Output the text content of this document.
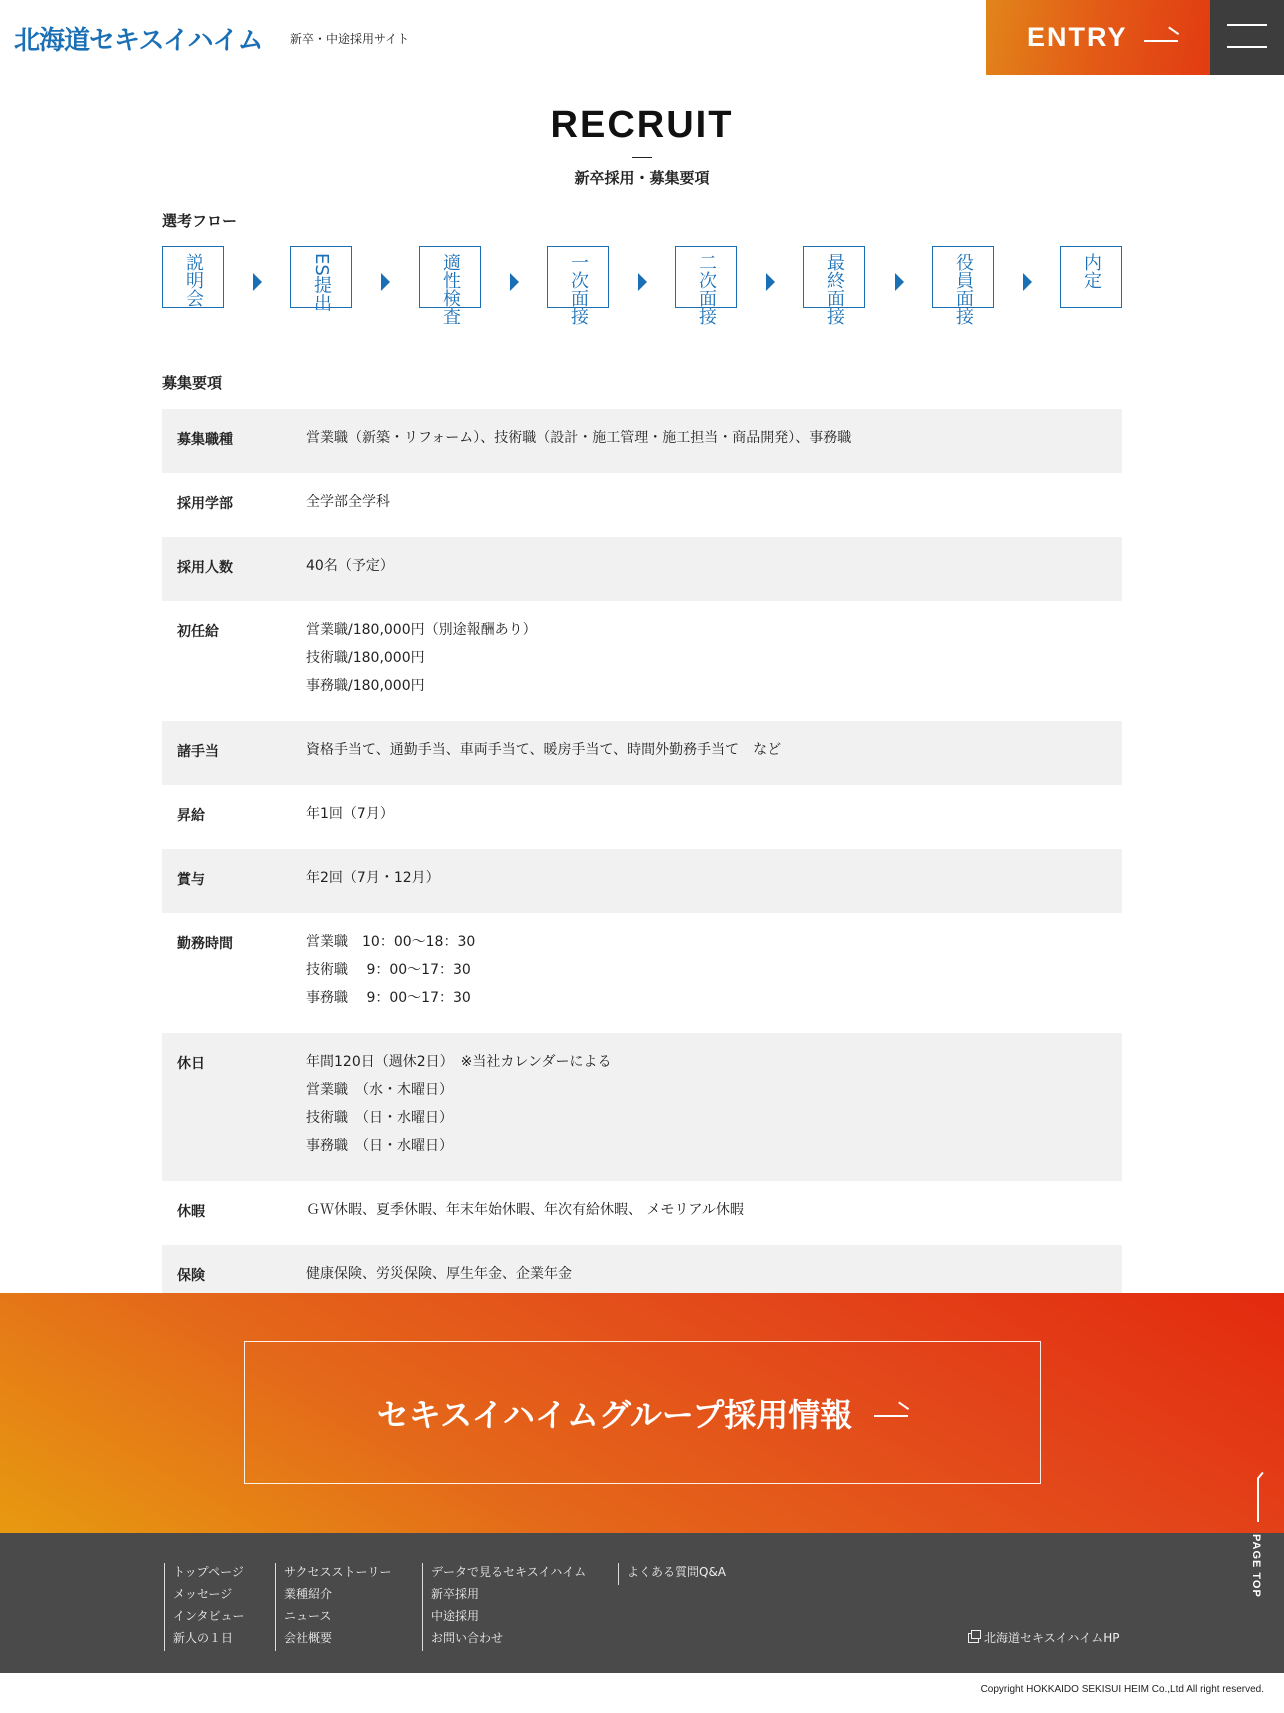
北海道セキスイハイム 新卒・中途採用サイト	ENTRY
RECRUIT
新卒採用・募集要項
選考フロー
説明会	ES提出	適性検査	一次面接	二次面接	最終面接	役員面接	内定
募集要項
募集職種	営業職（新築・リフォーム）、技術職（設計・施工管理・施工担当・商品開発）、事務職
採用学部	全学部全学科
採用人数	40名（予定）
初任給	営業職/180,000円（別途報酬あり）
技術職/180,000円
事務職/180,000円
諸手当	資格手当て、通勤手当、車両手当て、暖房手当て、時間外勤務手当て　など
昇給	年1回（7月）
賞与	年2回（7月・12月）
勤務時間	営業職　10：00～18：30
技術職　 9：00～17：30
事務職　 9：00〜17：30
休日	年間120日（週休2日）　※当社カレンダーによる
営業職　（水・木曜日）
技術職　（日・水曜日）
事務職　（日・水曜日）
休暇	ＧＷ休暇、夏季休暇、年末年始休暇、年次有給休暇、 メモリアル休暇
保険	健康保険、労災保険、厚生年金、企業年金
セキスイハイムグループ採用情報
トップページ
メッセージ
インタビュー
新人の１日
サクセスストーリー
業種紹介
ニュース
会社概要
データで見るセキスイハイム
新卒採用
中途採用
お問い合わせ
よくある質問Q&A
北海道セキスイハイムHP
PAGE TOP
Copyright HOKKAIDO SEKISUI HEIM Co.,Ltd All right reserved.
